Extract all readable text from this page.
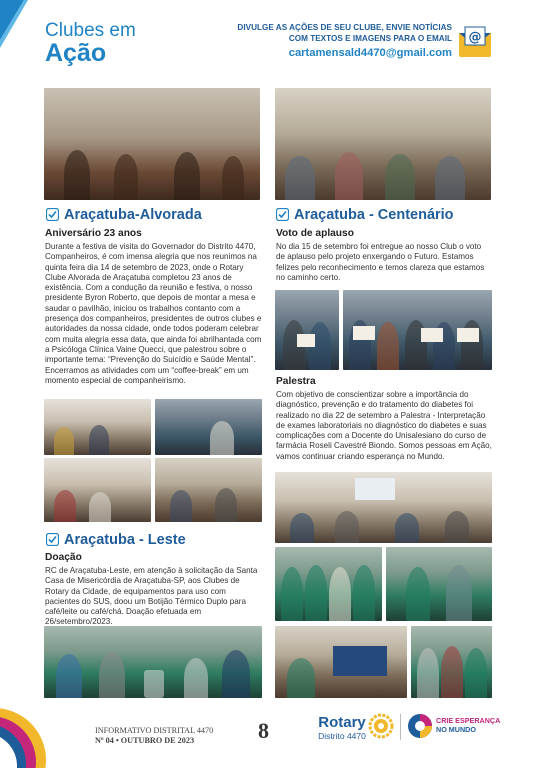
Clubes em
Ação
DIVULGE AS AÇÕES DE SEU CLUBE, ENVIE NOTÍCIAS
COM TEXTOS E IMAGENS PARA O EMAIL
cartamensald4470@gmail.com
@
Araçatuba-Alvorada
Aniversário 23 anos
Durante a festiva de visita do Governador do Distrito 4470, Companheiros, é com imensa alegria que nos reunimos na quinta feira dia 14 de setembro de 2023, onde o Rotary Clube Alvorada de Araçatuba completou 23 anos de existência. Com a condução da reunião e festiva, o nosso presidente Byron Roberto, que depois de montar a mesa e saudar o pavilhão, iniciou os trabalhos contanto com a presença dos companheiros, presidentes de outros clubes e autoridades da nossa cidade, onde todos poderam celebrar com muita alegria essa data, que ainda foi abrilhantada com a Psicóloga Clínica Vaine Quecci, que palestrou sobre o importante tema: “Prevenção do Suicídio e Saúde Mental”. Encerramos as atividades com um “coffee-break” em um momento especial de companheirismo.
Araçatuba - Leste
Doação
RC de Araçatuba-Leste, em atenção à solicitação da Santa Casa de Misericórdia de Araçatuba-SP, aos Clubes de Rotary da Cidade, de equipamentos para uso com pacientes do SUS, doou um Botijão Térmico Duplo para café/leite ou café/chá. Doação efetuada em 26/setembro/2023.
Araçatuba - Centenário
Voto de aplauso
No dia 15 de setembro foi entregue ao nosso Club o voto de aplauso pelo projeto enxergando o Futuro. Estamos felizes pelo reconhecimento e temos clareza que estamos no caminho certo.
Palestra
Com objetivo de conscientizar sobre a importância do diagnóstico, prevenção e do tratamento do diabetes foi realizado no dia 22 de setembro a Palestra - Interpretação de exames laboratoriais no diagnóstico do diabetes e suas complicações com a Docente do Unisalesiano do curso de farmácia Roseli Cavestré Biondo. Somos pessoas em Ação, vamos continuar criando esperança no Mundo.
INFORMATIVO DISTRITAL 4470
Nº 04 • OUTUBRO DE 2023	8	Rotary
Distrito 4470
CRIE ESPERANÇA
NO MUNDO
